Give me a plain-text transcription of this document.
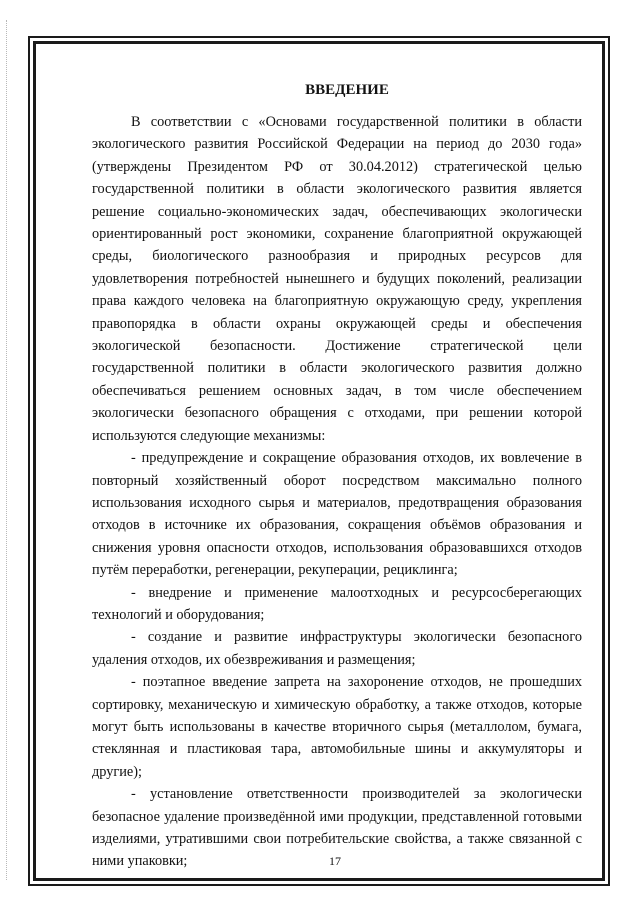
ВВЕДЕНИЕ

В соответствии с «Основами государственной политики в области экологического развития Российской Федерации на период до 2030 года» (утверждены Президентом РФ от 30.04.2012) стратегической целью государственной политики в области экологического развития является решение социально-экономических задач, обеспечивающих экологически ориентированный рост экономики, сохранение благоприятной окружающей среды, биологического разнообразия и природных ресурсов для удовлетворения потребностей нынешнего и будущих поколений, реализации права каждого человека на благоприятную окружающую среду, укрепления правопорядка в области охраны окружающей среды и обеспечения экологической безопасности. Достижение стратегической цели государственной политики в области экологического развития должно обеспечиваться решением основных задач, в том числе обеспечением экологически безопасного обращения с отходами, при решении которой используются следующие механизмы:

- предупреждение и сокращение образования отходов, их вовлечение в повторный хозяйственный оборот посредством максимально полного использования исходного сырья и материалов, предотвращения образования отходов в источнике их образования, сокращения объёмов образования и снижения уровня опасности отходов, использования образовавшихся отходов путём переработки, регенерации, рекуперации, рециклинга;

- внедрение и применение малоотходных и ресурсосберегающих технологий и оборудования;

- создание и развитие инфраструктуры экологически безопасного удаления отходов, их обезвреживания и размещения;

- поэтапное введение запрета на захоронение отходов, не прошедших сортировку, механическую и химическую обработку, а также отходов, которые могут быть использованы в качестве вторичного сырья (металлолом, бумага, стеклянная и пластиковая тара, автомобильные шины и аккумуляторы и другие);

- установление ответственности производителей за экологически безопасное удаление произведённой ими продукции, представленной готовыми изделиями, утратившими свои потребительские свойства, а также связанной с ними упаковки;	17
